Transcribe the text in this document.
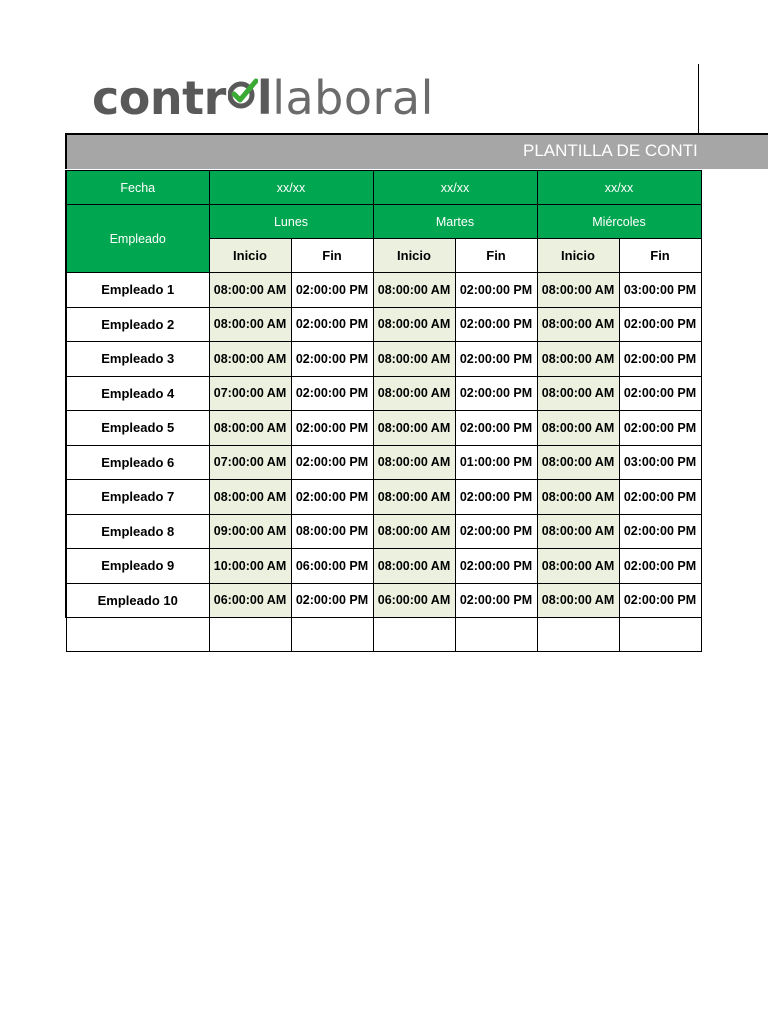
contr l laboral
PLANTILLA DE CONTI
Fecha	xx/xx		xx/xx		xx/xx	
Empleado	Lunes		Martes		Miércoles	
	Inicio	Fin	Inicio	Fin	Inicio	Fin
Empleado 1	08:00:00 AM	02:00:00 PM	08:00:00 AM	02:00:00 PM	08:00:00 AM	03:00:00 PM
Empleado 2	08:00:00 AM	02:00:00 PM	08:00:00 AM	02:00:00 PM	08:00:00 AM	02:00:00 PM
Empleado 3	08:00:00 AM	02:00:00 PM	08:00:00 AM	02:00:00 PM	08:00:00 AM	02:00:00 PM
Empleado 4	07:00:00 AM	02:00:00 PM	08:00:00 AM	02:00:00 PM	08:00:00 AM	02:00:00 PM
Empleado 5	08:00:00 AM	02:00:00 PM	08:00:00 AM	02:00:00 PM	08:00:00 AM	02:00:00 PM
Empleado 6	07:00:00 AM	02:00:00 PM	08:00:00 AM	01:00:00 PM	08:00:00 AM	03:00:00 PM
Empleado 7	08:00:00 AM	02:00:00 PM	08:00:00 AM	02:00:00 PM	08:00:00 AM	02:00:00 PM
Empleado 8	09:00:00 AM	08:00:00 PM	08:00:00 AM	02:00:00 PM	08:00:00 AM	02:00:00 PM
Empleado 9	10:00:00 AM	06:00:00 PM	08:00:00 AM	02:00:00 PM	08:00:00 AM	02:00:00 PM
Empleado 10	06:00:00 AM	02:00:00 PM	06:00:00 AM	02:00:00 PM	08:00:00 AM	02:00:00 PM
